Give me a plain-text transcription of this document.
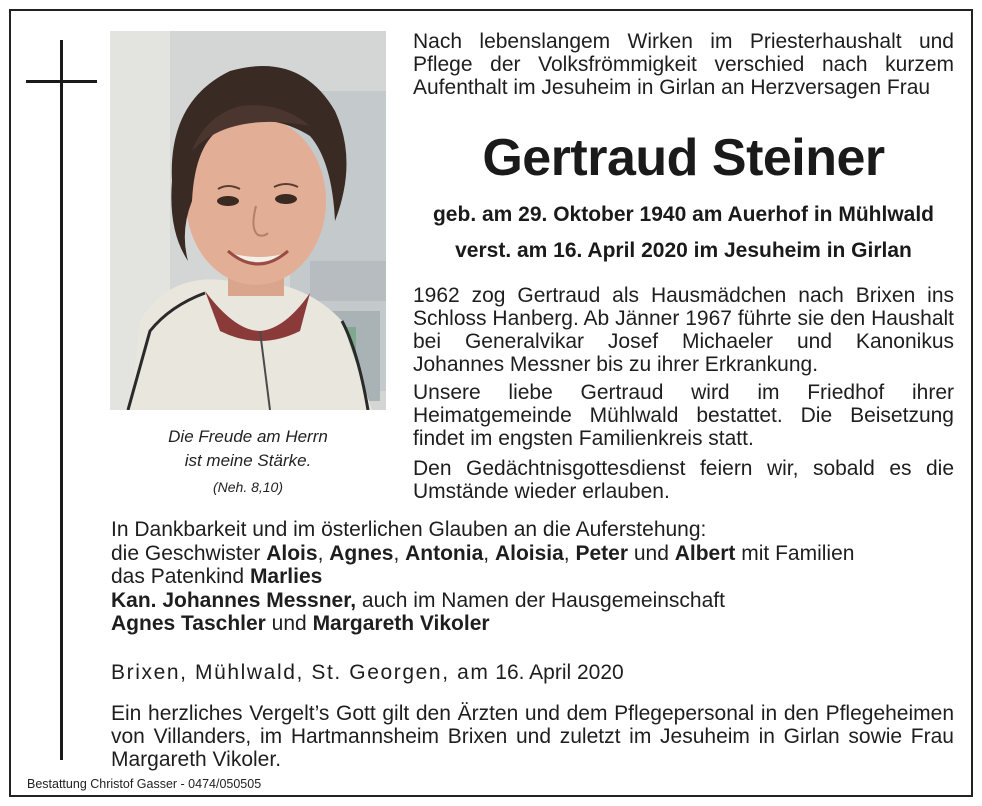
Die Freude am Herrn
ist meine Stärke.
(Neh. 8,10)
Nach lebenslangem Wirken im Priesterhaushalt und Pflege der Volksfrömmigkeit verschied nach kurzem Aufenthalt im Jesuheim in Girlan an Herzversagen Frau
Gertraud Steiner
geb. am 29. Oktober 1940 am Auerhof in Mühlwald
verst. am 16. April 2020 im Jesuheim in Girlan
1962 zog Gertraud als Hausmädchen nach Brixen ins Schloss Hanberg. Ab Jänner 1967 führte sie den Haushalt bei Generalvikar Josef Michaeler und Kanonikus Johannes Messner bis zu ihrer Erkrankung.
Unsere liebe Gertraud wird im Friedhof ihrer Heimatgemeinde Mühlwald bestattet. Die Beisetzung findet im engsten Familienkreis statt.
Den Gedächtnisgottesdienst feiern wir, sobald es die Umstände wieder erlauben.
In Dankbarkeit und im österlichen Glauben an die Auferstehung:
die Geschwister Alois, Agnes, Antonia, Aloisia, Peter und Albert mit Familien
das Patenkind Marlies
Kan. Johannes Messner, auch im Namen der Hausgemeinschaft
Agnes Taschler und Margareth Vikoler
Brixen, Mühlwald, St. Georgen, am 16. April 2020
Ein herzliches Vergelt’s Gott gilt den Ärzten und dem Pflegepersonal in den Pflegeheimen von Villanders, im Hartmannsheim Brixen und zuletzt im Jesuheim in Girlan sowie Frau Margareth Vikoler.
Bestattung Christof Gasser - 0474/050505
